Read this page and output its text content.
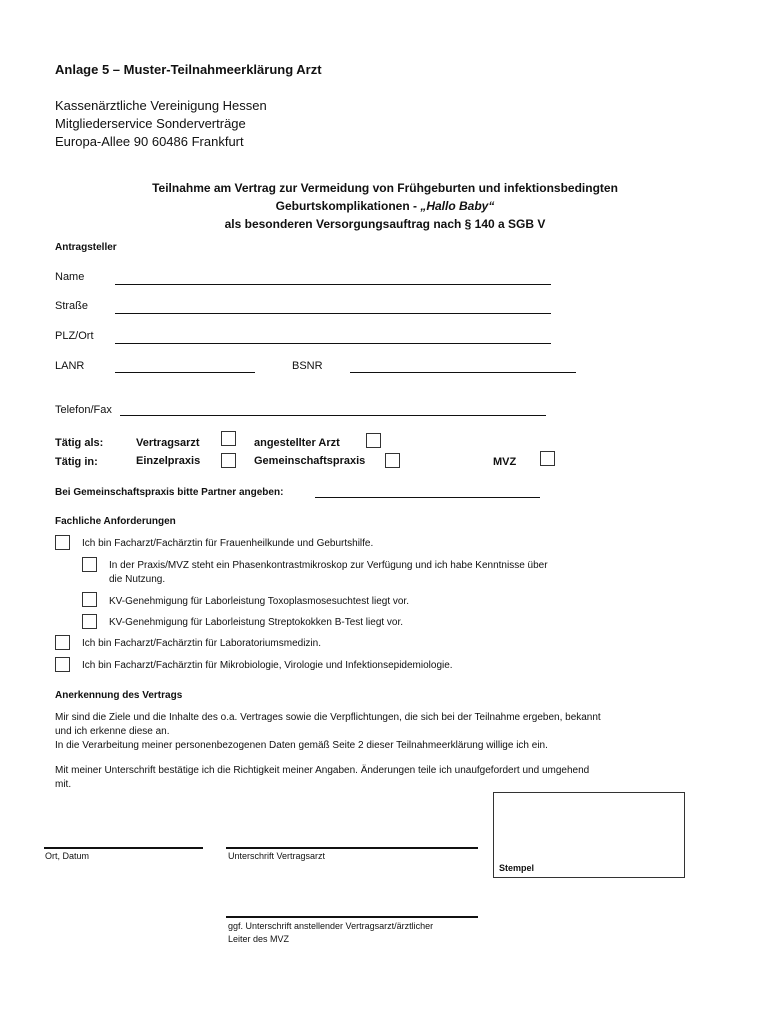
Anlage 5 – Muster-Teilnahmeerklärung Arzt
Kassenärztliche Vereinigung Hessen
Mitgliederservice Sonderverträge
Europa-Allee 90 60486 Frankfurt
Teilnahme am Vertrag zur Vermeidung von Frühgeburten und infektionsbedingten
Geburtskomplikationen - „Hallo Baby“
als besonderen Versorgungsauftrag nach § 140 a SGB V
Antragsteller
Name
Straße
PLZ/Ort
LANR	BSNR
Telefon/Fax
Tätig als:	Vertragsarzt	angestellter Arzt
Tätig in:	Einzelpraxis	Gemeinschaftspraxis	MVZ
Bei Gemeinschaftspraxis bitte Partner angeben:
Fachliche Anforderungen
Ich bin Facharzt/Fachärztin für Frauenheilkunde und Geburtshilfe.
In der Praxis/MVZ steht ein Phasenkontrastmikroskop zur Verfügung und ich habe Kenntnisse über
die Nutzung.
KV-Genehmigung für Laborleistung Toxoplasmosesuchtest liegt vor.
KV-Genehmigung für Laborleistung Streptokokken B-Test liegt vor.
Ich bin Facharzt/Fachärztin für Laboratoriumsmedizin.
Ich bin Facharzt/Fachärztin für Mikrobiologie, Virologie und Infektionsepidemiologie.
Anerkennung des Vertrags
Mir sind die Ziele und die Inhalte des o.a. Vertrages sowie die Verpflichtungen, die sich bei der Teilnahme ergeben, bekannt
und ich erkenne diese an.
In die Verarbeitung meiner personenbezogenen Daten gemäß Seite 2 dieser Teilnahmeerklärung willige ich ein.
Mit meiner Unterschrift bestätige ich die Richtigkeit meiner Angaben. Änderungen teile ich unaufgefordert und umgehend
mit.
Stempel
Ort, Datum	Unterschrift Vertragsarzt
ggf. Unterschrift anstellender Vertragsarzt/ärztlicher
Leiter des MVZ
